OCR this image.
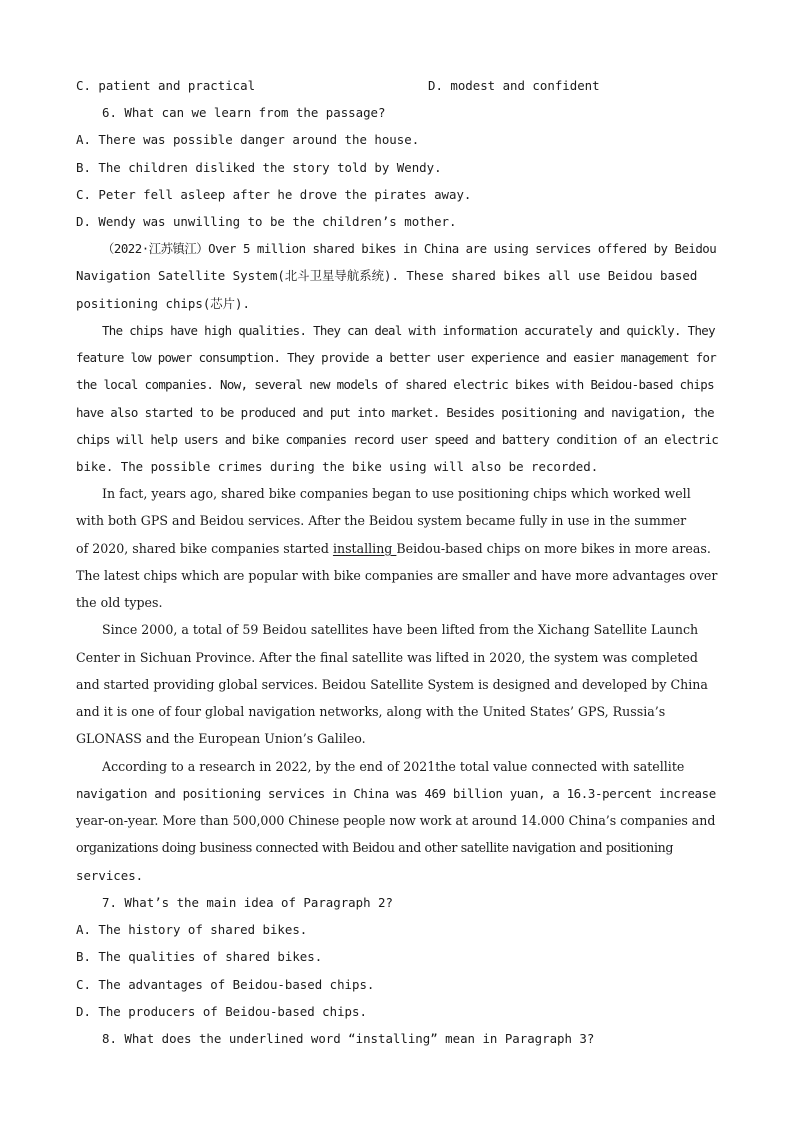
C. patient and practical	D. modest and confident
6. What can we learn from the passage?
A. There was possible danger around the house.
B. The children disliked the story told by Wendy.
C. Peter fell asleep after he drove the pirates away.
D. Wendy was unwilling to be the children’s mother.
（2022·江苏镇江）Over 5 million shared bikes in China are using services offered by Beidou
Navigation Satellite System(北斗卫星导航系统). These shared bikes all use Beidou based
positioning chips(芯片).
The chips have high qualities. They can deal with information accurately and quickly. They
feature low power consumption. They provide a better user experience and easier management for
the local companies. Now, several new models of shared electric bikes with Beidou-based chips
have also started to be produced and put into market. Besides positioning and navigation, the
chips will help users and bike companies record user speed and battery condition of an electric
bike. The possible crimes during the bike using will also be recorded.
In fact, years ago, shared bike companies began to use positioning chips which worked well
with both GPS and Beidou services. After the Beidou system became fully in use in the summer
of 2020, shared bike companies started installing Beidou-based chips on more bikes in more areas.
The latest chips which are popular with bike companies are smaller and have more advantages over
the old types.
Since 2000, a total of 59 Beidou satellites have been lifted from the Xichang Satellite Launch
Center in Sichuan Province. After the final satellite was lifted in 2020, the system was completed
and started providing global services. Beidou Satellite System is designed and developed by China
and it is one of four global navigation networks, along with the United States’ GPS, Russia’s
GLONASS and the European Union’s Galileo.
According to a research in 2022, by the end of 2021the total value connected with satellite
navigation and positioning services in China was 469 billion yuan, a 16.3-percent increase
year-on-year. More than 500,000 Chinese people now work at around 14.000 China’s companies and
organizations doing business connected with Beidou and other satellite navigation and positioning
services.
7. What’s the main idea of Paragraph 2?
A. The history of shared bikes.
B. The qualities of shared bikes.
C. The advantages of Beidou-based chips.
D. The producers of Beidou-based chips.
8. What does the underlined word “installing” mean in Paragraph 3?
